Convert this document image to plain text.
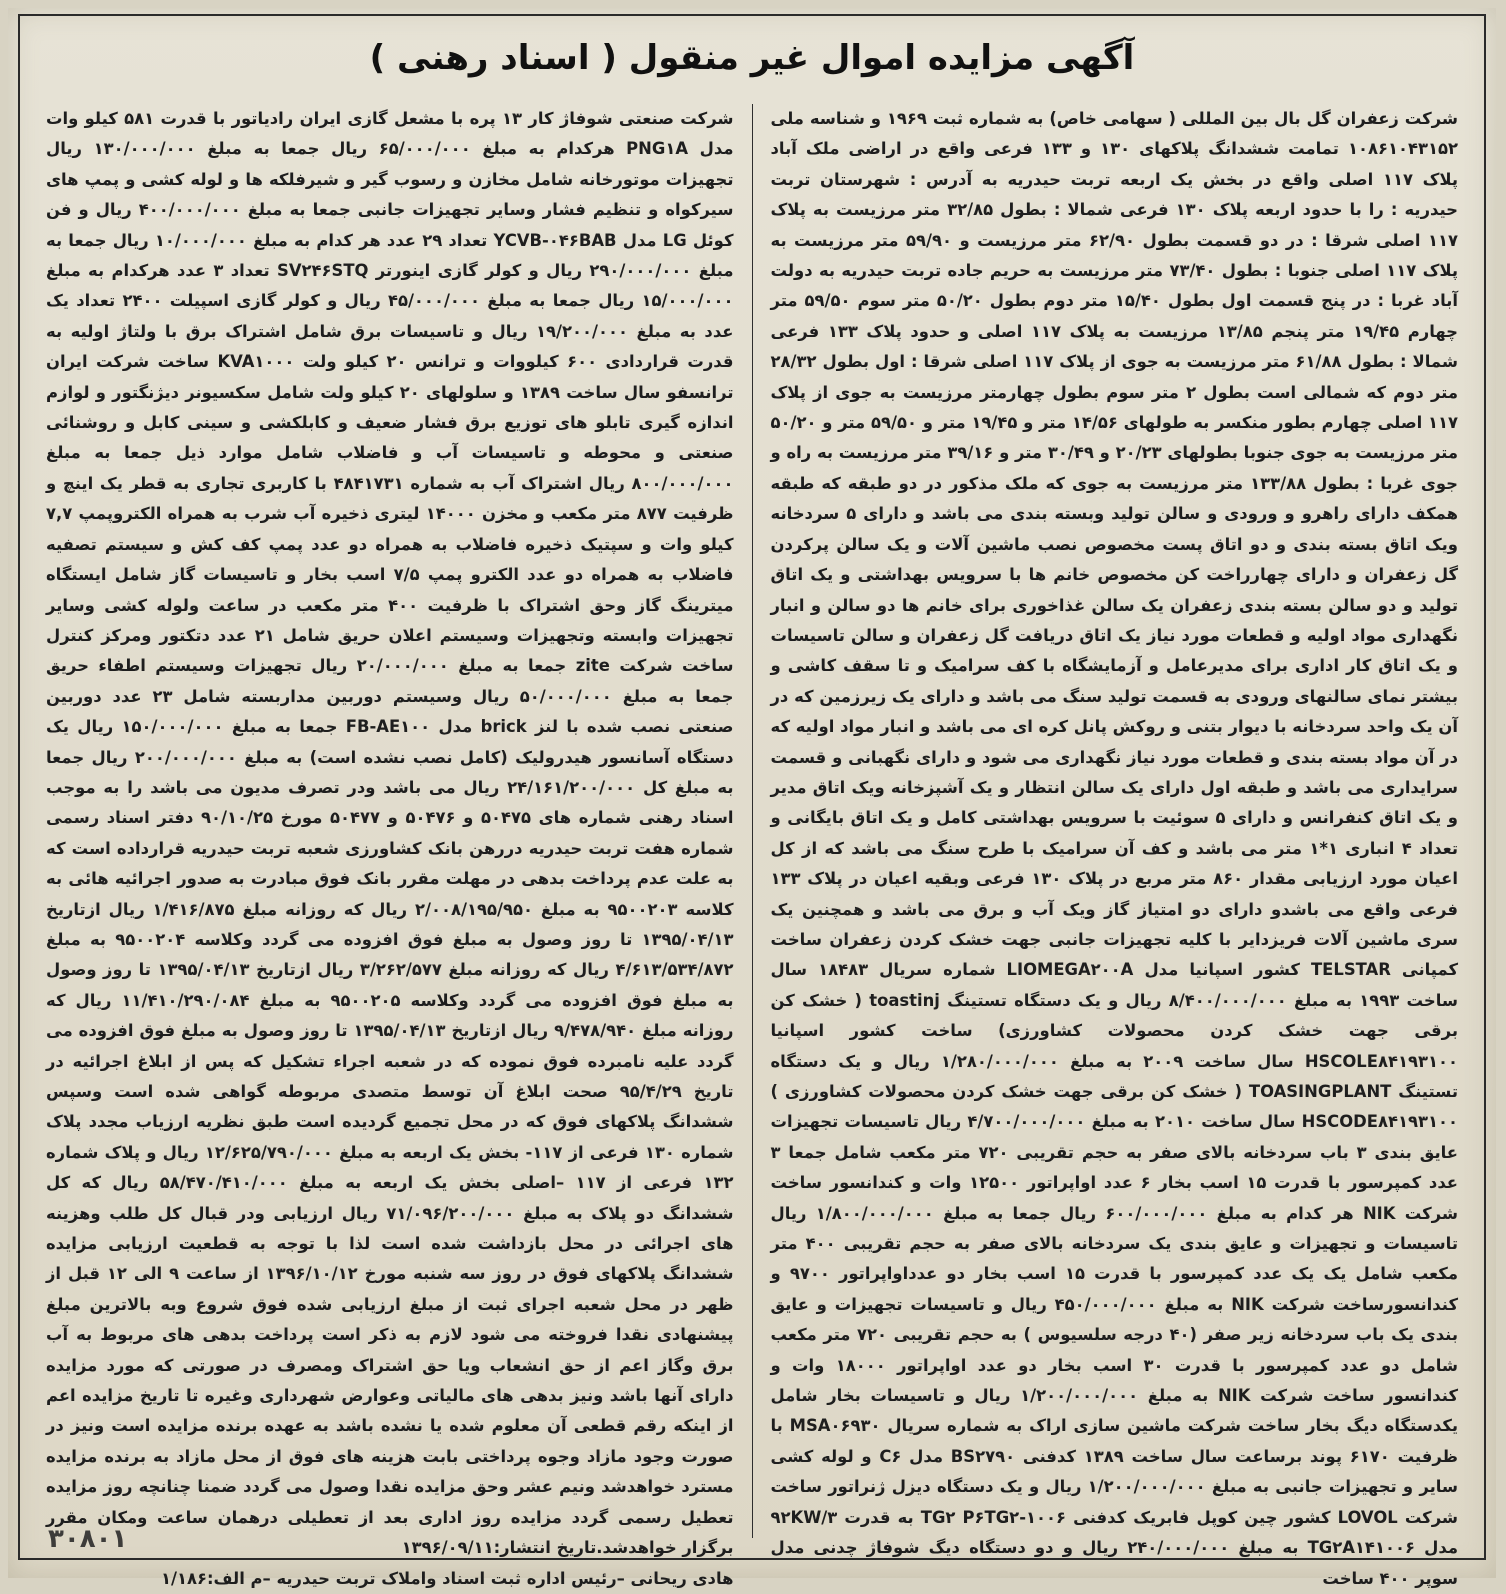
آگهی مزایده اموال غیر منقول ( اسناد رهنی )

شرکت زعفران گل بال بین المللی ( سهامی خاص) به شماره ثبت ۱۹۶۹ و شناسه ملی ۱۰۸۶۱۰۴۳۱۵۲ تمامت ششدانگ پلاکهای ۱۳۰ و ۱۳۳ فرعی واقع در اراضی ملک آباد پلاک ۱۱۷ اصلی واقع در بخش یک اربعه تربت حیدریه به آدرس : شهرستان تربت حیدریه : را با حدود اربعه پلاک ۱۳۰ فرعی شمالا : بطول ۳۲/۸۵ متر مرزیست به پلاک ۱۱۷ اصلی شرقا : در دو قسمت بطول ۶۲/۹۰ متر مرزیست و ۵۹/۹۰ متر مرزیست به پلاک ۱۱۷ اصلی جنوبا : بطول ۷۳/۴۰ متر مرزیست به حریم جاده تربت حیدریه به دولت آباد غربا : در پنج قسمت اول بطول ۱۵/۴۰ متر دوم بطول ۵۰/۲۰ متر سوم ۵۹/۵۰ متر چهارم ۱۹/۴۵ متر پنجم ۱۳/۸۵ مرزیست به پلاک ۱۱۷ اصلی و حدود پلاک ۱۳۳ فرعی شمالا : بطول ۶۱/۸۸ متر مرزیست به جوی از پلاک ۱۱۷ اصلی شرقا : اول بطول ۲۸/۳۲ متر دوم که شمالی است بطول ۲ متر سوم بطول چهارمتر مرزیست به جوی از پلاک ۱۱۷ اصلی چهارم بطور منکسر به طولهای ۱۴/۵۶ متر و ۱۹/۴۵ متر و ۵۹/۵۰ متر و ۵۰/۲۰ متر مرزیست به جوی جنوبا بطولهای ۲۰/۲۳ و ۳۰/۴۹ متر و ۳۹/۱۶ متر مرزیست به راه و جوی غربا : بطول ۱۳۳/۸۸ متر مرزیست به جوی که ملک مذکور در دو طبقه که طبقه همکف دارای راهرو و ورودی و سالن تولید وبسته بندی می باشد و دارای ۵ سردخانه ویک اتاق بسته بندی و دو اتاق پست مخصوص نصب ماشین آلات و یک سالن پرکردن گل زعفران و دارای چهارراخت کن مخصوص خانم ها با سرویس بهداشتی و یک اتاق تولید و دو سالن بسته بندی زعفران یک سالن غذاخوری برای خانم ها دو سالن و انبار نگهداری مواد اولیه و قطعات مورد نیاز یک اتاق دریافت گل زعفران و سالن تاسیسات و یک اتاق کار اداری برای مدیرعامل و آزمایشگاه با کف سرامیک و تا سقف کاشی و بیشتر نمای سالنهای ورودی به قسمت تولید سنگ می باشد و دارای یک زیرزمین که در آن یک واحد سردخانه با دیوار بتنی و روکش پانل کره ای می باشد و انبار مواد اولیه که در آن مواد بسته بندی و قطعات مورد نیاز نگهداری می شود و دارای نگهبانی و قسمت سرایداری می باشد و طبقه اول دارای یک سالن انتظار و یک آشپزخانه ویک اتاق مدیر و یک اتاق کنفرانس و دارای ۵ سوئیت با سرویس بهداشتی کامل و یک اتاق بایگانی و تعداد ۴ انباری ۱*۱ متر می باشد و کف آن سرامیک با طرح سنگ می باشد که از کل اعیان مورد ارزیابی مقدار ۸۶۰ متر مربع در پلاک ۱۳۰ فرعی وبقیه اعیان در پلاک ۱۳۳ فرعی واقع می باشدو دارای دو امتیاز گاز ویک آب و برق می باشد و همچنین یک سری ماشین آلات فریزدایر با کلیه تجهیزات جانبی جهت خشک کردن زعفران ساخت کمپانی TELSTAR کشور اسپانیا مدل LIOMEGA۲۰۰A شماره سریال ۱۸۴۸۳ سال ساخت ۱۹۹۳ به مبلغ ۸/۴۰۰/۰۰۰/۰۰۰ ریال و یک دستگاه تستینگ toastinj ( خشک کن برقی جهت خشک کردن محصولات کشاورزی) ساخت کشور اسپانیا HSCOLE۸۴۱۹۳۱۰۰ سال ساخت ۲۰۰۹ به مبلغ ۱/۲۸۰/۰۰۰/۰۰۰ ریال و یک دستگاه تستینگ TOASINGPLANT ( خشک کن برقی جهت خشک کردن محصولات کشاورزی ) HSCODE۸۴۱۹۳۱۰۰ سال ساخت ۲۰۱۰ به مبلغ ۴/۷۰۰/۰۰۰/۰۰۰ ریال تاسیسات تجهیزات عایق بندی ۳ باب سردخانه بالای صفر به حجم تقریبی ۷۲۰ متر مکعب شامل جمعا ۳ عدد کمپرسور با قدرت ۱۵ اسب بخار ۶ عدد اواپراتور ۱۲۵۰۰ وات و کندانسور ساخت شرکت NIK هر کدام به مبلغ ۶۰۰/۰۰۰/۰۰۰ ریال جمعا به مبلغ ۱/۸۰۰/۰۰۰/۰۰۰ ریال تاسیسات و تجهیزات و عایق بندی یک سردخانه بالای صفر به حجم تقریبی ۴۰۰ متر مکعب شامل یک یک عدد کمپرسور با قدرت ۱۵ اسب بخار دو عدداواپراتور ۹۷۰۰ و کندانسورساخت شرکت NIK به مبلغ ۴۵۰/۰۰۰/۰۰۰ ریال و تاسیسات تجهیزات و عایق بندی یک باب سردخانه زیر صفر (۴۰ درجه سلسیوس ) به حجم تقریبی ۷۲۰ متر مکعب شامل دو عدد کمپرسور با قدرت ۳۰ اسب بخار دو عدد اواپراتور ۱۸۰۰۰ وات و کندانسور ساخت شرکت NIK به مبلغ ۱/۲۰۰/۰۰۰/۰۰۰ ریال و تاسیسات بخار شامل یکدستگاه دیگ بخار ساخت شرکت ماشین سازی اراک به شماره سریال MSA۰۶۹۳۰ با ظرفیت ۶۱۷۰ پوند برساعت سال ساخت ۱۳۸۹ کدفنی BS۲۷۹۰ مدل C۶ و لوله کشی سایر و تجهیزات جانبی به مبلغ ۱/۲۰۰/۰۰۰/۰۰۰ ریال و یک دستگاه دیزل ژنراتور ساخت شرکت LOVOL کشور چین کوپل فابریک کدفنی ۱۰۰۶-TG۲ P۶TG۲ به قدرت ۹۲KW/۳ مدل TG۲A۱۴۱۰۰۶ به مبلغ ۲۴۰/۰۰۰/۰۰۰ ریال و دو دستگاه دیگ شوفاژ چدنی مدل سوپر ۴۰۰ ساخت

شرکت صنعتی شوفاژ کار ۱۳ پره با مشعل گازی ایران رادیاتور با قدرت ۵۸۱ کیلو وات مدل PNG۱A هرکدام به مبلغ ۶۵/۰۰۰/۰۰۰ ریال جمعا به مبلغ ۱۳۰/۰۰۰/۰۰۰ ریال تجهیزات موتورخانه شامل مخازن و رسوب گیر و شیرفلکه ها و لوله کشی و پمپ های سیرکواه و تنظیم فشار وسایر تجهیزات جانبی جمعا به مبلغ ۴۰۰/۰۰۰/۰۰۰ ریال و فن کوئل LG مدل YCVB-۰۴۶BAB تعداد ۲۹ عدد هر کدام به مبلغ ۱۰/۰۰۰/۰۰۰ ریال جمعا به مبلغ ۲۹۰/۰۰۰/۰۰۰ ریال و کولر گازی اینورتر SV۲۴۶STQ تعداد ۳ عدد هرکدام به مبلغ ۱۵/۰۰۰/۰۰۰ ریال جمعا به مبلغ ۴۵/۰۰۰/۰۰۰ ریال و کولر گازی اسپیلت ۲۴۰۰ تعداد یک عدد به مبلغ ۱۹/۲۰۰/۰۰۰ ریال و تاسیسات برق شامل اشتراک برق با ولتاژ اولیه به قدرت قراردادی ۶۰۰ کیلووات و ترانس ۲۰ کیلو ولت KVA۱۰۰۰ ساخت شرکت ایران ترانسفو سال ساخت ۱۳۸۹ و سلولهای ۲۰ کیلو ولت شامل سکسیونر دیژنگتور و لوازم اندازه گیری تابلو های توزیع برق فشار ضعیف و کابلکشی و سینی کابل و روشنائی صنعتی و محوطه و تاسیسات آب و فاضلاب شامل موارد ذیل جمعا به مبلغ ۸۰۰/۰۰۰/۰۰۰ ریال اشتراک آب به شماره ۴۸۴۱۷۳۱ با کاربری تجاری به قطر یک اینچ و ظرفیت ۸۷۷ متر مکعب و مخزن ۱۴۰۰۰ لیتری ذخیره آب شرب به همراه الکتروپمپ ۷,۷ کیلو وات و سپتیک ذخیره فاضلاب به همراه دو عدد پمپ کف کش و سیستم تصفیه فاضلاب به همراه دو عدد الکترو پمپ ۷/۵ اسب بخار و تاسیسات گاز شامل ایستگاه میترینگ گاز وحق اشتراک با ظرفیت ۴۰۰ متر مکعب در ساعت ولوله کشی وسایر تجهیزات وابسته وتجهیزات وسیستم اعلان حریق شامل ۲۱ عدد دتکتور ومرکز کنترل ساخت شرکت zite جمعا به مبلغ ۲۰/۰۰۰/۰۰۰ ریال تجهیزات وسیستم اطفاء حریق جمعا به مبلغ ۵۰/۰۰۰/۰۰۰ ریال وسیستم دوربین مداربسته شامل ۲۳ عدد دوربین صنعتی نصب شده با لنز brick مدل FB-AE۱۰۰ جمعا به مبلغ ۱۵۰/۰۰۰/۰۰۰ ریال یک دستگاه آسانسور هیدرولیک (کامل نصب نشده است) به مبلغ ۲۰۰/۰۰۰/۰۰۰ ریال جمعا به مبلغ کل ۲۴/۱۶۱/۲۰۰/۰۰۰ ریال می باشد ودر تصرف مدیون می باشد را به موجب اسناد رهنی شماره های ۵۰۴۷۵ و ۵۰۴۷۶ و ۵۰۴۷۷ مورخ ۹۰/۱۰/۲۵ دفتر اسناد رسمی شماره هفت تربت حیدریه دررهن بانک کشاورزی شعبه تربت حیدریه قرارداده است که به علت عدم پرداخت بدهی در مهلت مقرر بانک فوق مبادرت به صدور اجرائیه هائی به کلاسه ۹۵۰۰۲۰۳ به مبلغ ۲/۰۰۸/۱۹۵/۹۵۰ ریال که روزانه مبلغ ۱/۴۱۶/۸۷۵ ریال ازتاریخ ۱۳۹۵/۰۴/۱۳ تا روز وصول به مبلغ فوق افزوده می گردد وکلاسه ۹۵۰۰۲۰۴ به مبلغ ۴/۶۱۳/۵۳۴/۸۷۲ ریال که روزانه مبلغ ۳/۲۶۲/۵۷۷ ریال ازتاریخ ۱۳۹۵/۰۴/۱۳ تا روز وصول به مبلغ فوق افزوده می گردد وکلاسه ۹۵۰۰۲۰۵ به مبلغ ۱۱/۴۱۰/۲۹۰/۰۸۴ ریال که روزانه مبلغ ۹/۴۷۸/۹۴۰ ریال ازتاریخ ۱۳۹۵/۰۴/۱۳ تا روز وصول به مبلغ فوق افزوده می گردد علیه نامبرده فوق نموده که در شعبه اجراء تشکیل که پس از ابلاغ اجرائیه در تاریخ ۹۵/۴/۲۹ صحت ابلاغ آن توسط متصدی مربوطه گواهی شده است وسپس ششدانگ پلاکهای فوق که در محل تجمیع گردیده است طبق نظریه ارزیاب مجدد پلاک شماره ۱۳۰ فرعی از ۱۱۷- بخش یک اربعه به مبلغ ۱۲/۶۲۵/۷۹۰/۰۰۰ ریال و پلاک شماره ۱۳۲ فرعی از ۱۱۷ –اصلی بخش یک اربعه به مبلغ ۵۸/۴۷۰/۴۱۰/۰۰۰ ریال که کل ششدانگ دو پلاک به مبلغ ۷۱/۰۹۶/۲۰۰/۰۰۰ ریال ارزیابی ودر قبال کل طلب وهزینه های اجرائی در محل بازداشت شده است لذا با توجه به قطعیت ارزیابی مزایده ششدانگ پلاکهای فوق در روز سه شنبه مورخ ۱۳۹۶/۱۰/۱۲ از ساعت ۹ الی ۱۲ قبل از ظهر در محل شعبه اجرای ثبت از مبلغ ارزیابی شده فوق شروع وبه بالاترین مبلغ پیشنهادی نقدا فروخته می شود لازم به ذکر است پرداخت بدهی های مربوط به آب برق وگاز اعم از حق انشعاب ویا حق اشتراک ومصرف در صورتی که مورد مزایده دارای آنها باشد ونیز بدهی های مالیاتی وعوارض شهرداری وغیره تا تاریخ مزایده اعم از اینکه رقم قطعی آن معلوم شده یا نشده باشد به عهده برنده مزایده است ونیز در صورت وجود مازاد وجوه پرداختی بابت هزینه های فوق از محل مازاد به برنده مزایده مسترد خواهدشد ونیم عشر وحق مزایده نقدا وصول می گردد ضمنا چنانچه روز مزایده تعطیل رسمی گردد مزایده روز اداری بعد از تعطیلی درهمان ساعت ومکان مقرر برگزار خواهدشد.تاریخ انتشار:۱۳۹۶/۰۹/۱۱

هادی ریحانی –رئیس اداره ثبت اسناد واملاک تربت حیدریه –م الف:۱/۱۸۶

۳۰۸۰۱
